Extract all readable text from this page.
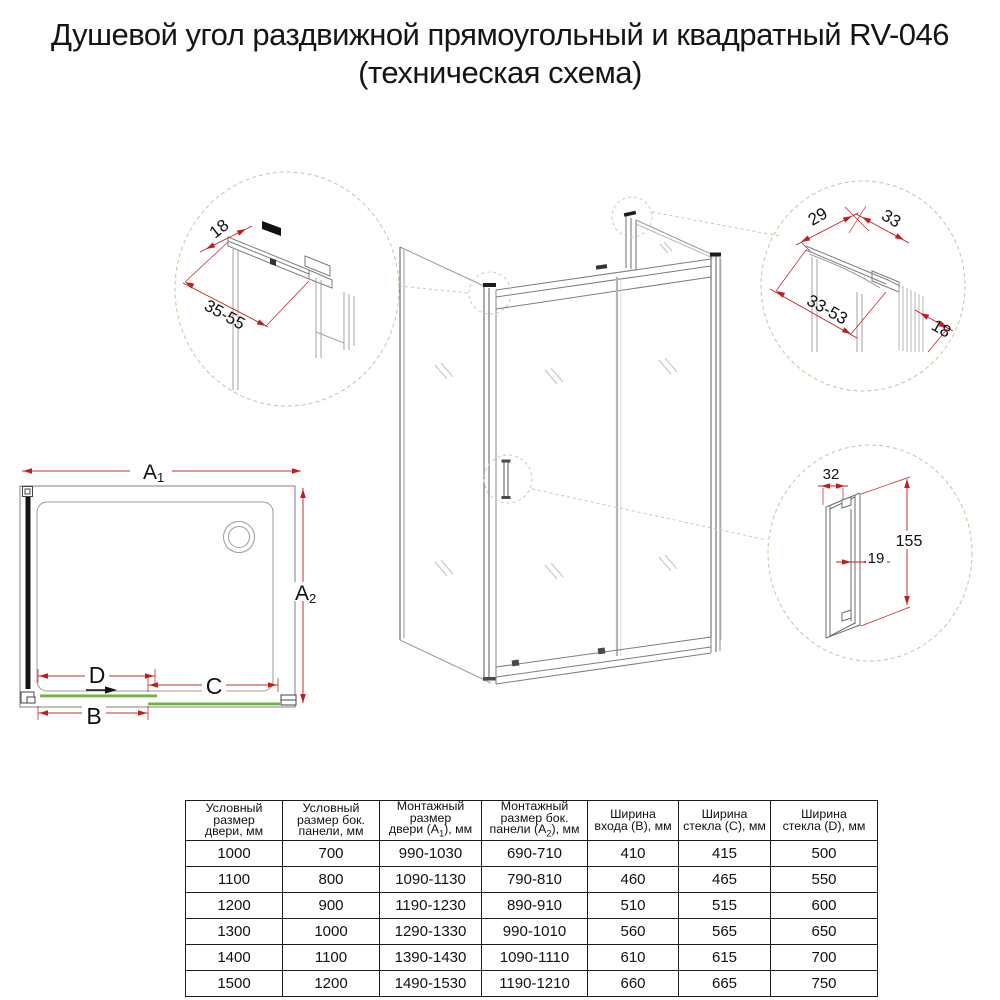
Душевой угол раздвижной прямоугольный и квадратный RV-046
(техническая схема)
18
35-55
29	33
33-53
18
32
155
19
A1
A2
D	C
B
Условный
размер
двери, мм	Условный
размер бок.
панели, мм	Монтажный
размер
двери $(A_1)$, мм	Монтажный
размер бок.
панели $(A_2)$, мм	Ширина
входа (B), мм	Ширина
стекла (C), мм	Ширина
стекла (D), мм

1000	700	990-1030	690-710	410	415	500
1100	800	1090-1130	790-810	460	465	550
1200	900	1190-1230	890-910	510	515	600
1300	1000	1290-1330	990-1010	560	565	650
1400	1100	1390-1430	1090-1110	610	615	700
1500	1200	1490-1530	1190-1210	660	665	750
